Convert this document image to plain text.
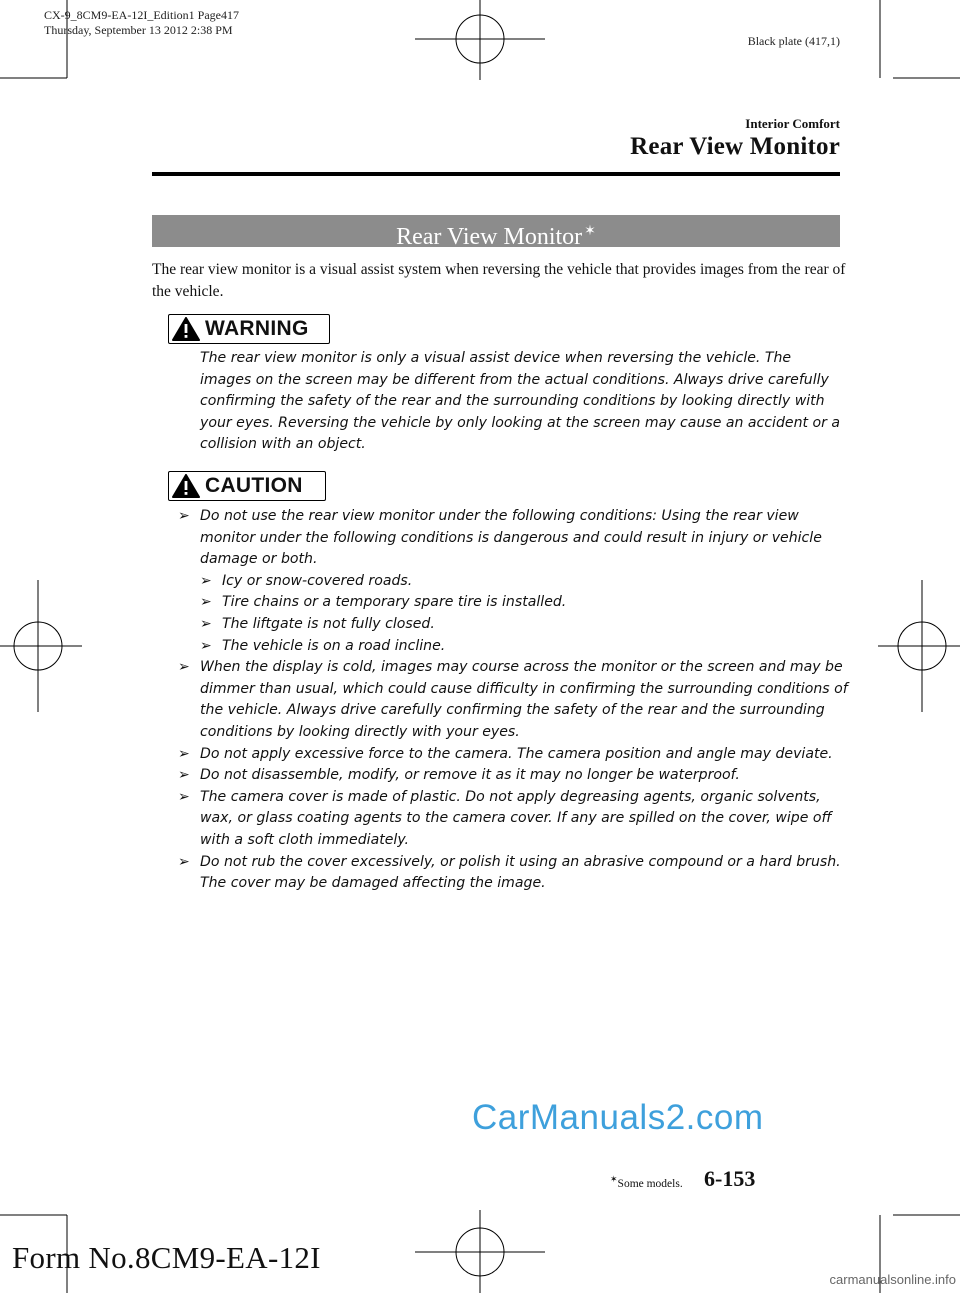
CX-9_8CM9-EA-12I_Edition1 Page417
Thursday, September 13 2012 2:38 PM
Black plate (417,1)
Interior Comfort
Rear View Monitor
Rear View Monitor ✶
The rear view monitor is a visual assist system when reversing the vehicle that provides images from the rear of the vehicle.
WARNING
The rear view monitor is only a visual assist device when reversing the vehicle. The images on the screen may be different from the actual conditions. Always drive carefully confirming the safety of the rear and the surrounding conditions by looking directly with your eyes. Reversing the vehicle by only looking at the screen may cause an accident or a collision with an object.
CAUTION
➢ Do not use the rear view monitor under the following conditions: Using the rear view monitor under the following conditions is dangerous and could result in injury or vehicle damage or both.
➢ Icy or snow-covered roads.
➢ Tire chains or a temporary spare tire is installed.
➢ The liftgate is not fully closed.
➢ The vehicle is on a road incline.
➢ When the display is cold, images may course across the monitor or the screen and may be dimmer than usual, which could cause difficulty in confirming the surrounding conditions of the vehicle. Always drive carefully confirming the safety of the rear and the surrounding conditions by looking directly with your eyes.
➢ Do not apply excessive force to the camera. The camera position and angle may deviate.
➢ Do not disassemble, modify, or remove it as it may no longer be waterproof.
➢ The camera cover is made of plastic. Do not apply degreasing agents, organic solvents, wax, or glass coating agents to the camera cover. If any are spilled on the cover, wipe off with a soft cloth immediately.
➢ Do not rub the cover excessively, or polish it using an abrasive compound or a hard brush. The cover may be damaged affecting the image.
CarManuals2.com
✶Some models. 6-153
Form No.8CM9-EA-12I
carmanualsonline.info
